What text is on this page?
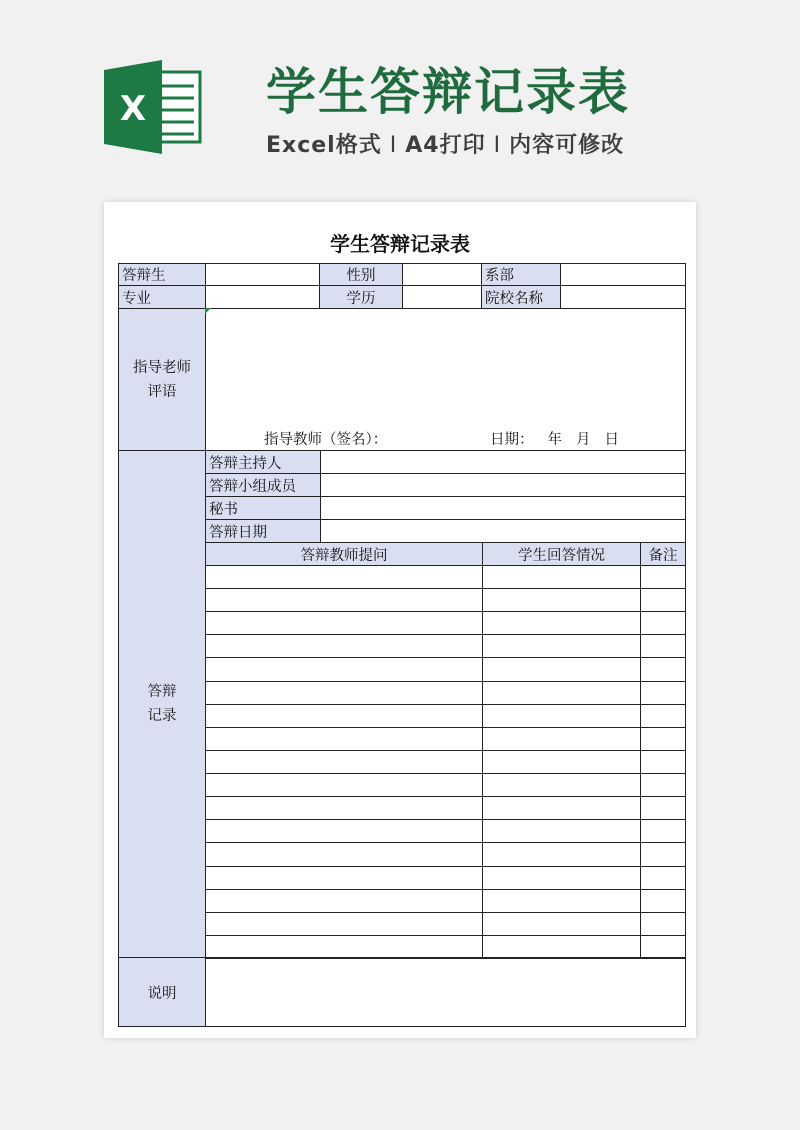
X 学生答辩记录表
Excel格式 I A4打印 I 内容可修改
学生答辩记录表
答辩生	性别	系部
专业	学历	院校名称
指导老师
评语
指导教师（签名）：	日期： 年 月 日
答辩
记录
答辩主持人
答辩小组成员
秘书
答辩日期
答辩教师提问	学生回答情况	备注
说明
